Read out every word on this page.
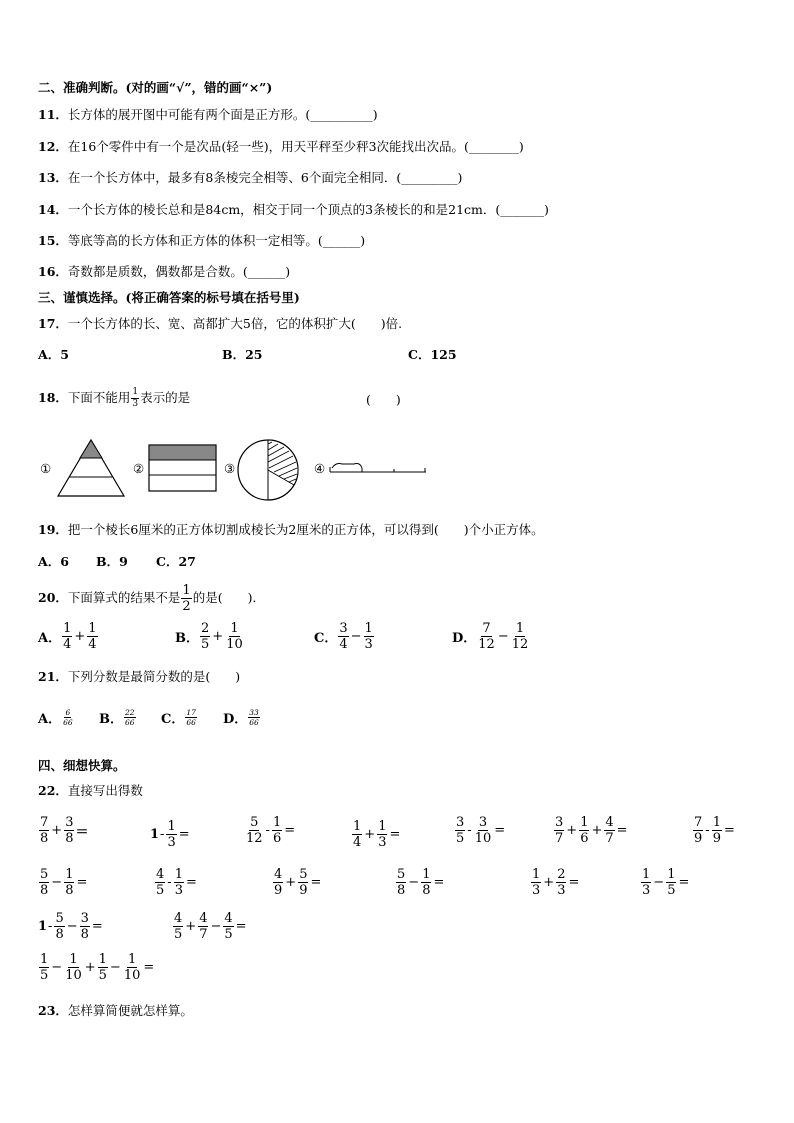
二、准确判断。(对的画“√”，错的画“×”)
11．长方体的展开图中可能有两个面是正方形。(__________)
12．在16个零件中有一个是次品(轻一些)，用天平秤至少秤3次能找出次品。(________)
13．在一个长方体中，最多有8条棱完全相等、6个面完全相同．(_________)
14．一个长方体的棱长总和是84cm，相交于同一个顶点的3条棱长的和是21cm．(_______)
15．等底等高的长方体和正方体的体积一定相等。(______)
16．奇数都是质数，偶数都是合数。(______)
三、谨慎选择。(将正确答案的标号填在括号里)
17．一个长方体的长、宽、高都扩大5倍，它的体积扩大(　　)倍.
A．5	B．25	C．125
18．下面不能用 $\frac{1}{3}$ 表示的是	(　　)
①	②	③	④
19．把一个棱长6厘米的正方体切割成棱长为2厘米的正方体，可以得到(　　)个小正方体。
A．6 B．9 C．27
20．下面算式的结果不是 $\frac{1}{2}$ 的是(　　)．
A． $\frac{1}{4} + \frac{1}{4}$	B． $\frac{2}{5} + \frac{1}{10}$	C． $\frac{3}{4} - \frac{1}{3}$	D． $\frac{7}{12} - \frac{1}{12}$
21．下列分数是最简分数的是(　　)
A． $\frac{6}{66}$ B． $\frac{22}{66}$ C． $\frac{17}{66}$ D． $\frac{33}{66}$
四、细想快算。
22．直接写出得数
$\frac{7}{8} + \frac{3}{8}$ ＝	$1 - \frac{1}{3}$ =	$\frac{5}{12} - \frac{1}{6}$ =	$\frac{1}{4} + \frac{1}{3}$ =	$\frac{3}{5} - \frac{3}{10}$ =	$\frac{3}{7} + \frac{1}{6} + \frac{4}{7}$ =	$\frac{7}{9} - \frac{1}{9}$ =
$\frac{5}{8} - \frac{1}{8}$ =	$\frac{4}{5} - \frac{1}{3}$ =	$\frac{4}{9} + \frac{5}{9}$ =	$\frac{5}{8} - \frac{1}{8}$ =	$\frac{1}{3} + \frac{2}{3}$ =	$\frac{1}{3} - \frac{1}{5}$ =
$1 - \frac{5}{8} - \frac{3}{8}$ =	$\frac{4}{5} + \frac{4}{7} - \frac{4}{5}$ =
$\frac{1}{5} - \frac{1}{10} + \frac{1}{5} - \frac{1}{10}$ =
23．怎样算简便就怎样算。
